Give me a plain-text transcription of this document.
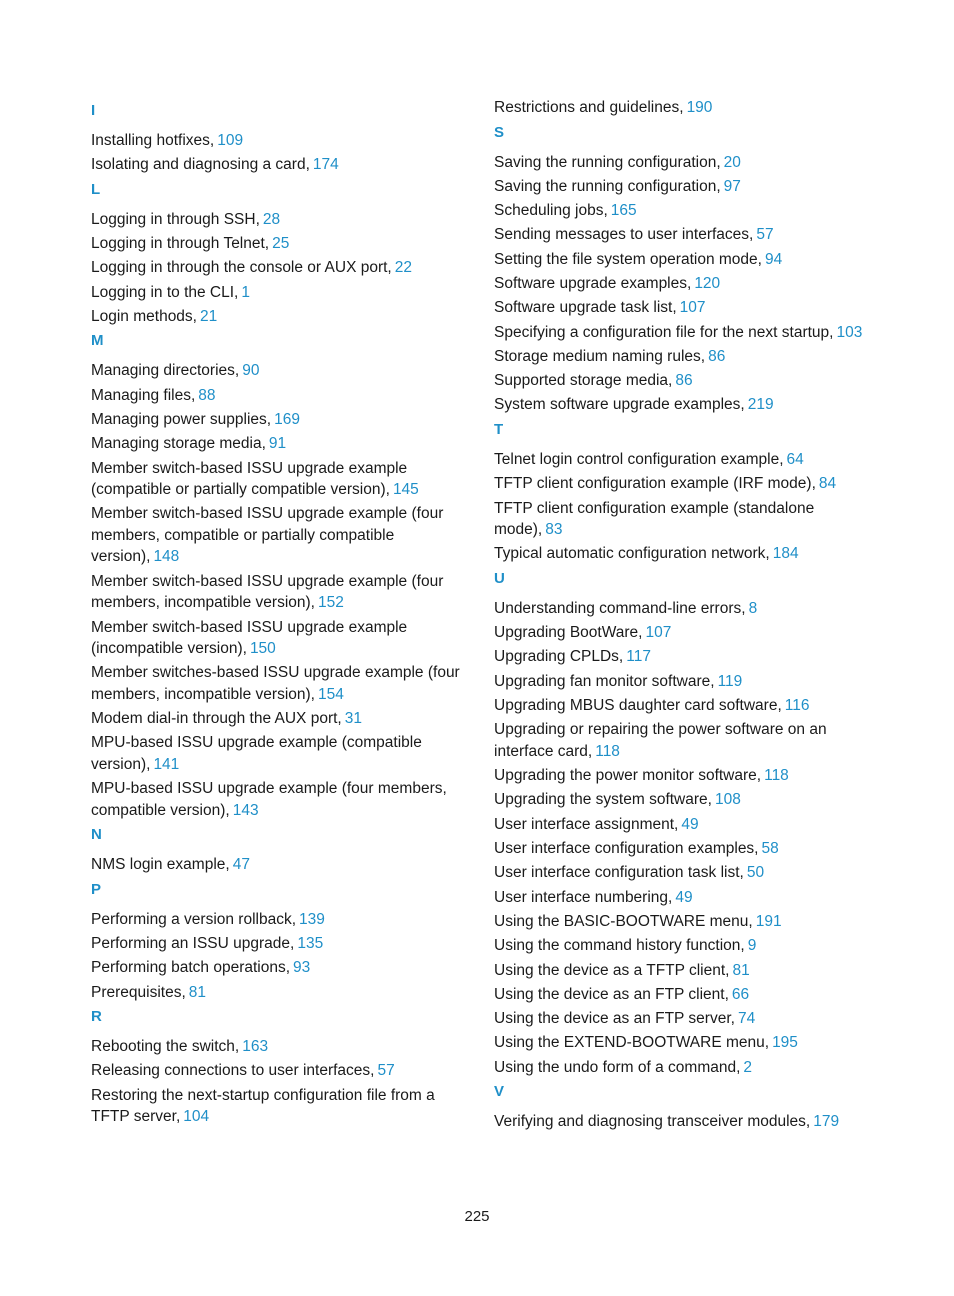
I
Installing hotfixes, 109
Isolating and diagnosing a card, 174
L
Logging in through SSH, 28
Logging in through Telnet, 25
Logging in through the console or AUX port, 22
Logging in to the CLI, 1
Login methods, 21
M
Managing directories, 90
Managing files, 88
Managing power supplies, 169
Managing storage media, 91
Member switch-based ISSU upgrade example (compatible or partially compatible version), 145
Member switch-based ISSU upgrade example (four members, compatible or partially compatible version), 148
Member switch-based ISSU upgrade example (four members, incompatible version), 152
Member switch-based ISSU upgrade example (incompatible version), 150
Member switches-based ISSU upgrade example (four members, incompatible version), 154
Modem dial-in through the AUX port, 31
MPU-based ISSU upgrade example (compatible version), 141
MPU-based ISSU upgrade example (four members, compatible version), 143
N
NMS login example, 47
P
Performing a version rollback, 139
Performing an ISSU upgrade, 135
Performing batch operations, 93
Prerequisites, 81
R
Rebooting the switch, 163
Releasing connections to user interfaces, 57
Restoring the next-startup configuration file from a TFTP server, 104
Restrictions and guidelines, 190
S
Saving the running configuration, 20
Saving the running configuration, 97
Scheduling jobs, 165
Sending messages to user interfaces, 57
Setting the file system operation mode, 94
Software upgrade examples, 120
Software upgrade task list, 107
Specifying a configuration file for the next startup, 103
Storage medium naming rules, 86
Supported storage media, 86
System software upgrade examples, 219
T
Telnet login control configuration example, 64
TFTP client configuration example (IRF mode), 84
TFTP client configuration example (standalone mode), 83
Typical automatic configuration network, 184
U
Understanding command-line errors, 8
Upgrading BootWare, 107
Upgrading CPLDs, 117
Upgrading fan monitor software, 119
Upgrading MBUS daughter card software, 116
Upgrading or repairing the power software on an interface card, 118
Upgrading the power monitor software, 118
Upgrading the system software, 108
User interface assignment, 49
User interface configuration examples, 58
User interface configuration task list, 50
User interface numbering, 49
Using the BASIC-BOOTWARE menu, 191
Using the command history function, 9
Using the device as a TFTP client, 81
Using the device as an FTP client, 66
Using the device as an FTP server, 74
Using the EXTEND-BOOTWARE menu, 195
Using the undo form of a command, 2
V
Verifying and diagnosing transceiver modules, 179
225
